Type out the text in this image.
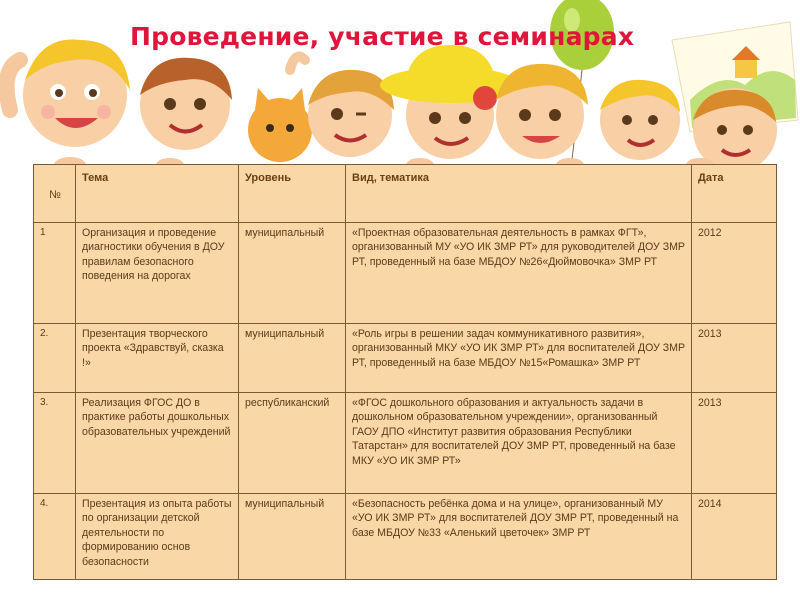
Проведение, участие в семинарах
№	Тема	Уровень	Вид, тематика	Дата
1	Организация и проведение диагностики обучения в ДОУ правилам безопасного поведения на дорогах	муниципальный	«Проектная образовательная деятельность в рамках ФГТ», организованный МУ «УО ИК ЗМР РТ» для руководителей ДОУ ЗМР РТ, проведенный на базе МБДОУ №26«Дюймовочка» ЗМР РТ	2012
2.	Презентация творческого проекта «Здравствуй, сказка !»	муниципальный	«Роль игры в решении задач коммуникативного развития», организованный МКУ «УО ИК ЗМР РТ» для воспитателей ДОУ ЗМР РТ, проведенный на базе МБДОУ №15«Ромашка» ЗМР РТ	2013
3.	Реализация ФГОС ДО в практике работы дошкольных образовательных учреждений	республиканский	«ФГОС дошкольного образования и актуальность задачи в дошкольном образовательном учреждении», организованный ГАОУ ДПО «Институт развития образования Республики Татарстан» для воспитателей ДОУ ЗМР РТ, проведенный на базе МКУ «УО ИК ЗМР РТ»	2013
4.	Презентация из опыта работы по организации детской деятельности по формированию основ безопасности	муниципальный	«Безопасность ребёнка дома и на улице», организованный МУ «УО ИК ЗМР РТ» для воспитателей ДОУ ЗМР РТ, проведенный на базе МБДОУ №33 «Аленький цветочек» ЗМР РТ	2014
